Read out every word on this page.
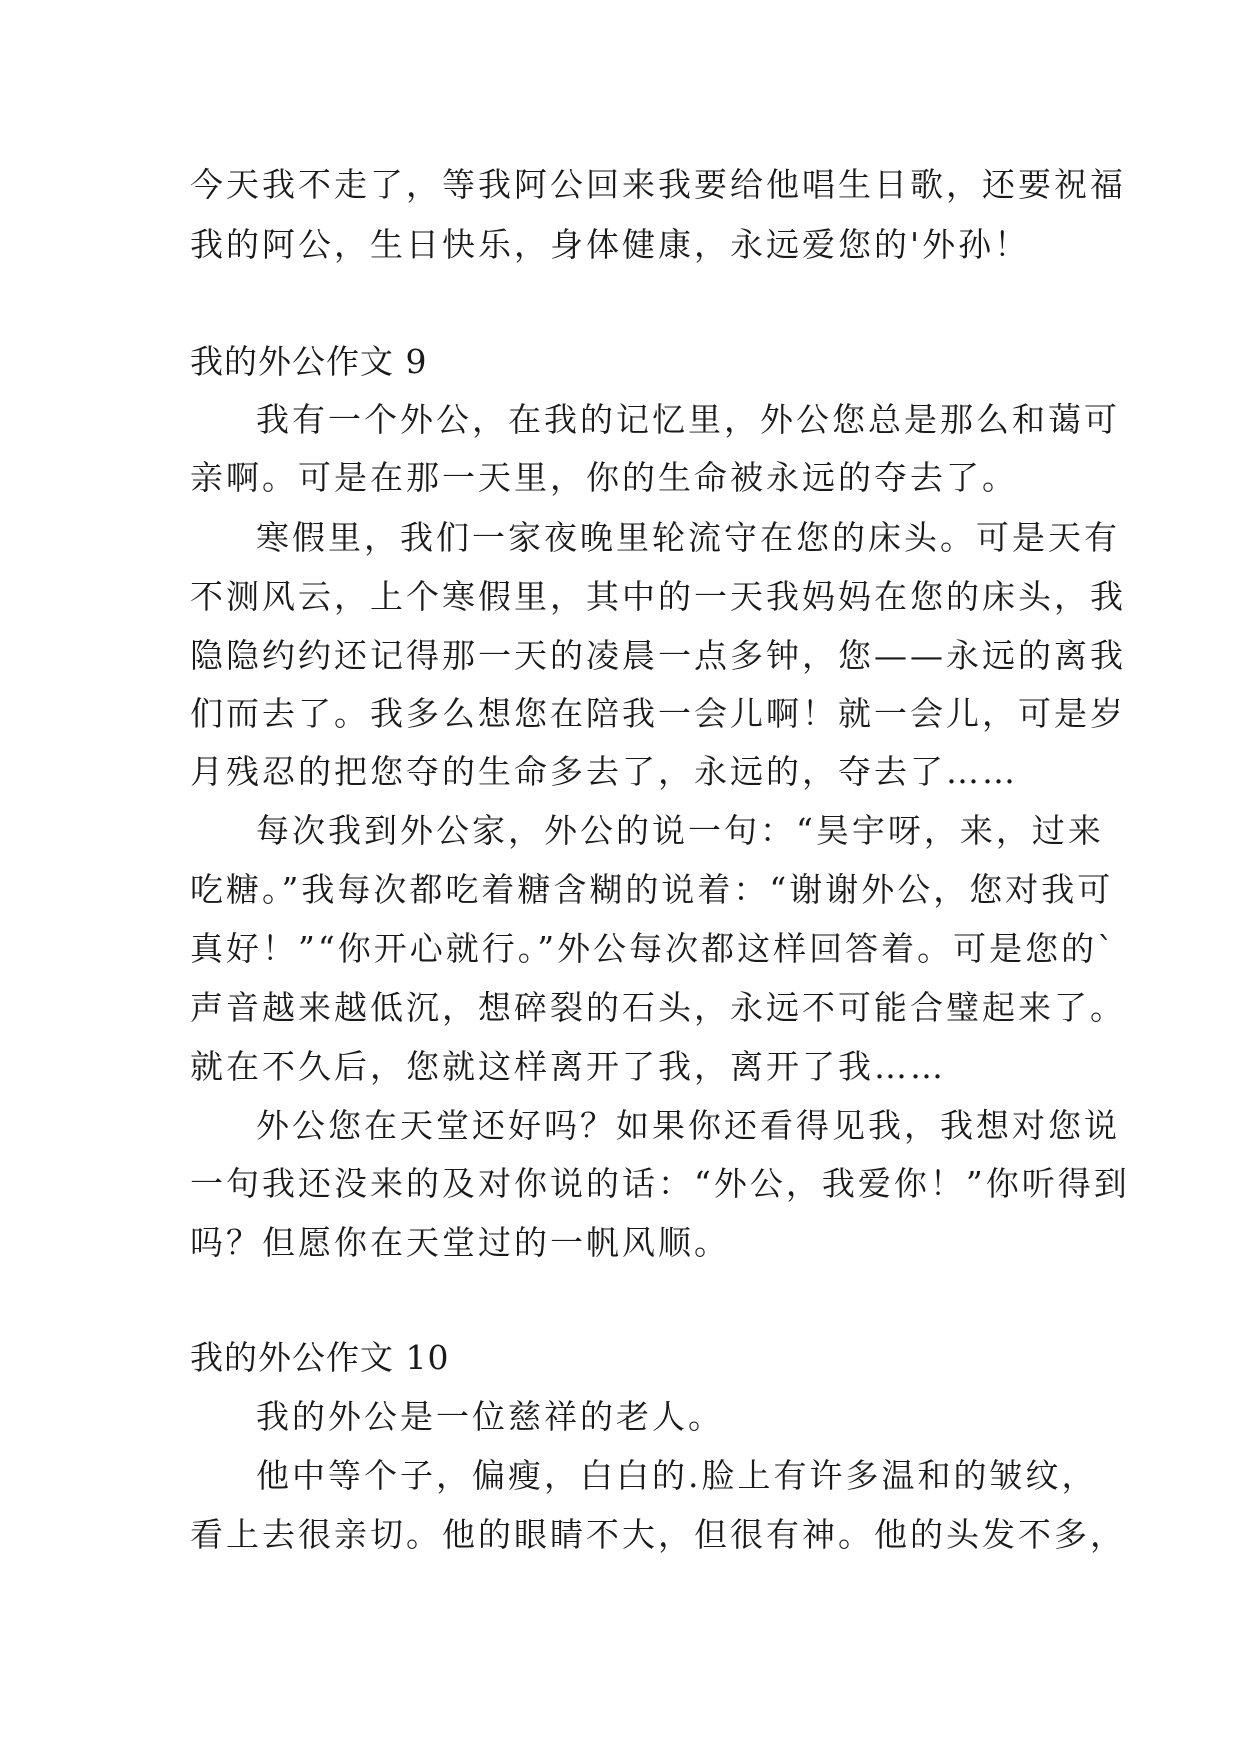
今天我不走了，等我阿公回来我要给他唱生日歌，还要祝福

我的阿公，生日快乐，身体健康，永远爱您的'外孙！

我的外公作文 9

我有一个外公，在我的记忆里，外公您总是那么和蔼可

亲啊。可是在那一天里，你的生命被永远的夺去了。

寒假里，我们一家夜晚里轮流守在您的床头。可是天有

不测风云，上个寒假里，其中的一天我妈妈在您的床头，我

隐隐约约还记得那一天的凌晨一点多钟，您——永远的离我

们而去了。我多么想您在陪我一会儿啊！就一会儿，可是岁

月残忍的把您夺的生命多去了，永远的，夺去了……

每次我到外公家，外公的说一句：“昊宇呀，来，过来

吃糖。”我每次都吃着糖含糊的说着：“谢谢外公，您对我可

真好！”“你开心就行。”外公每次都这样回答着。可是您的`

声音越来越低沉，想碎裂的石头，永远不可能合璧起来了。

就在不久后，您就这样离开了我，离开了我……

外公您在天堂还好吗？如果你还看得见我，我想对您说

一句我还没来的及对你说的话：“外公，我爱你！”你听得到

吗？但愿你在天堂过的一帆风顺。

我的外公作文 10

我的外公是一位慈祥的老人。

他中等个子，偏瘦，白白的.脸上有许多温和的皱纹，

看上去很亲切。他的眼睛不大，但很有神。他的头发不多，
